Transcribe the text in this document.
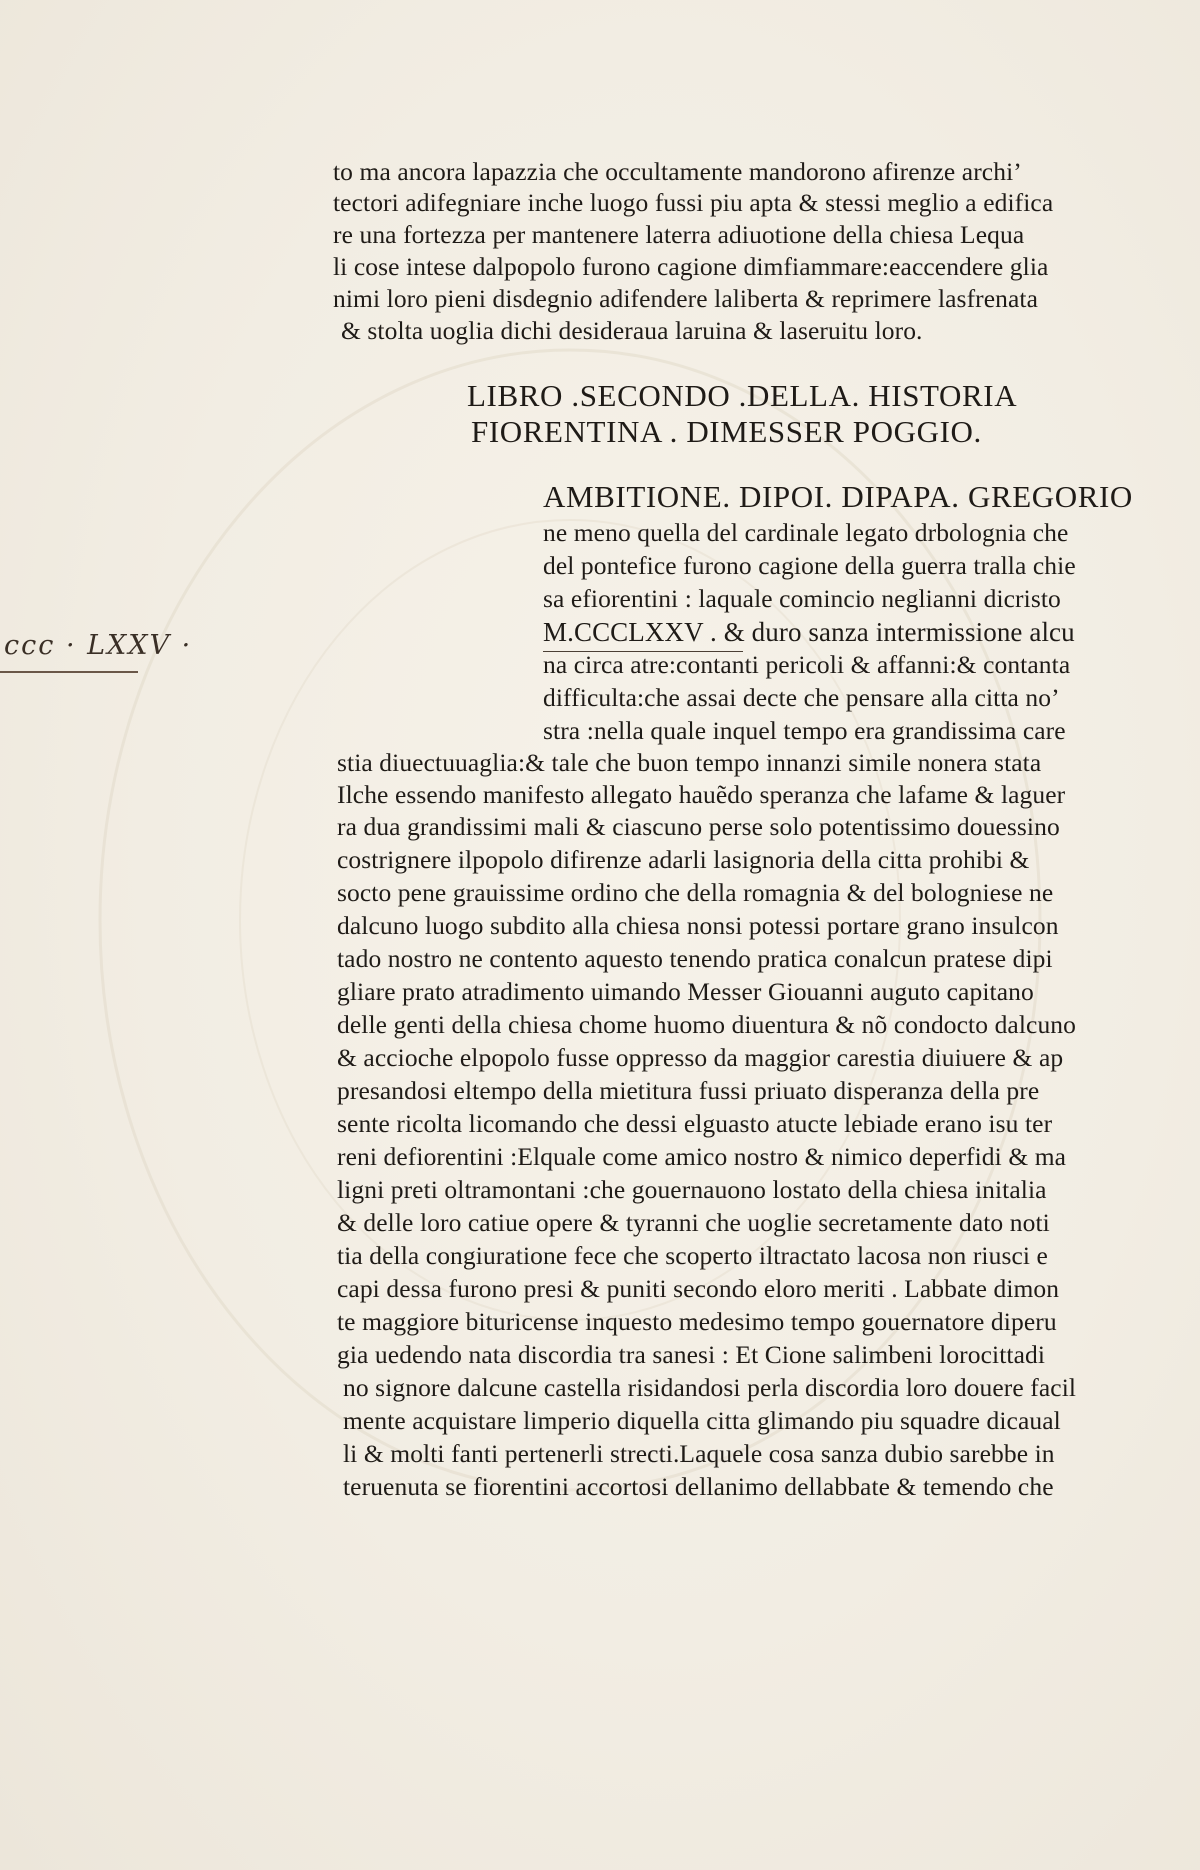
ccc · LXXV ·
to ma ancora lapazzia che occultamente mandorono afirenze archi’
tectori adifegniare inche luogo fussi piu apta & stessi meglio a edifica
re una fortezza per mantenere laterra adiuotione della chiesa Lequa
li cose intese dalpopolo furono cagione dimfiammare:eaccendere glia
nimi loro pieni disdegnio adifendere laliberta & reprimere lasfrenata
& stolta uoglia dichi desideraua laruina & laseruitu loro.
LIBRO .SECONDO .DELLA. HISTORIA
FIORENTINA . DIMESSER POGGIO.
AMBITIONE. DIPOI. DIPAPA. GREGORIO
ne meno quella del cardinale legato drbolognia che
del pontefice furono cagione della guerra tralla chie
sa efiorentini : laquale comincio neglianni dicristo
M.CCCLXXV . & duro sanza intermissione alcu
na circa atre:contanti pericoli & affanni:& contanta
difficulta:che assai decte che pensare alla citta no’
stra :nella quale inquel tempo era grandissima care
stia diuectuuaglia:& tale che buon tempo innanzi simile nonera stata
Ilche essendo manifesto allegato hauẽdo speranza che lafame & laguer
ra dua grandissimi mali & ciascuno perse solo potentissimo douessino
costrignere ilpopolo difirenze adarli lasignoria della citta prohibi &
socto pene grauissime ordino che della romagnia & del bologniese ne
dalcuno luogo subdito alla chiesa nonsi potessi portare grano insulcon
tado nostro ne contento aquesto tenendo pratica conalcun pratese dipi
gliare prato atradimento uimando Messer Giouanni auguto capitano
delle genti della chiesa chome huomo diuentura & nõ condocto dalcuno
& accioche elpopolo fusse oppresso da maggior carestia diuiuere & ap
presandosi eltempo della mietitura fussi priuato disperanza della pre
sente ricolta licomando che dessi elguasto atucte lebiade erano isu ter
reni defiorentini :Elquale come amico nostro & nimico deperfidi & ma
ligni preti oltramontani :che gouernauono lostato della chiesa initalia
& delle loro catiue opere & tyranni che uoglie secretamente dato noti
tia della congiuratione fece che scoperto iltractato lacosa non riusci e
capi dessa furono presi & puniti secondo eloro meriti . Labbate dimon
te maggiore bituricense inquesto medesimo tempo gouernatore diperu
gia uedendo nata discordia tra sanesi : Et Cione salimbeni lorocittadi
no signore dalcune castella risidandosi perla discordia loro douere facil
mente acquistare limperio diquella citta glimando piu squadre dicaual
li & molti fanti pertenerli strecti.Laquele cosa sanza dubio sarebbe in
teruenuta se fiorentini accortosi dellanimo dellabbate & temendo che
